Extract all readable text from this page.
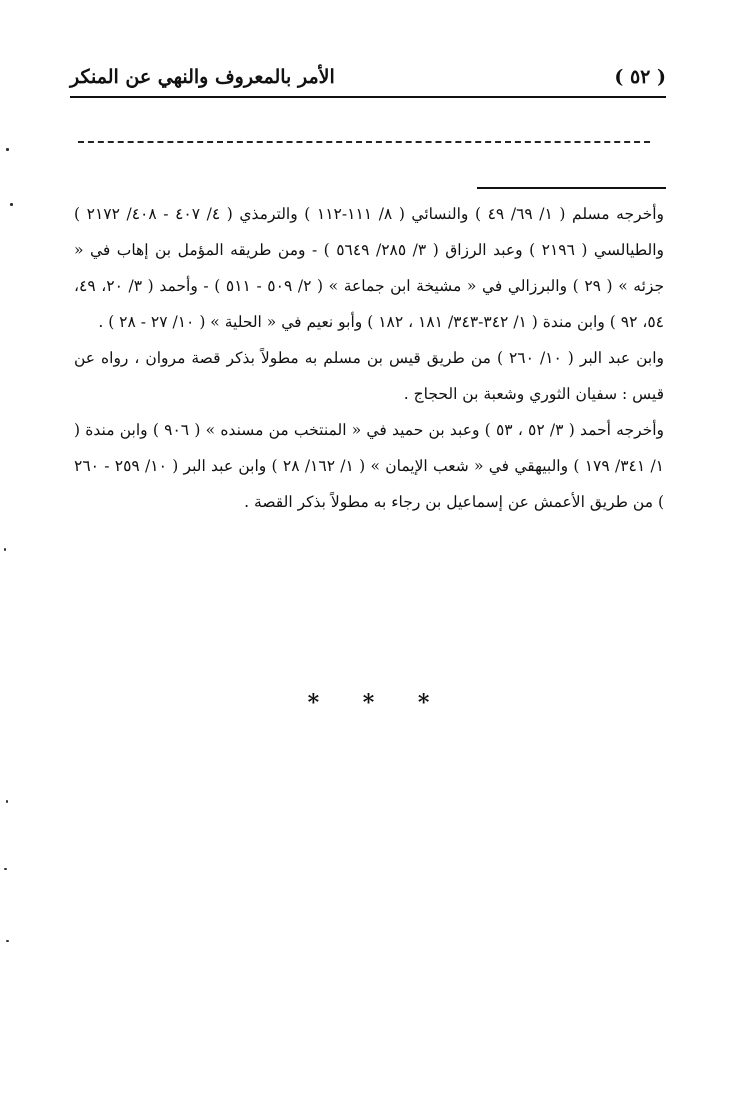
الأمر بالمعروف والنهي عن المنكر	( ٥٢ )

وأخرجه مسلم ( ١/ ٦٩/ ٤٩ ) والنسائي ( ٨/ ١١١-١١٢ ) والترمذي ( ٤/ ٤٠٧ - ٤٠٨/ ٢١٧٢ ) والطيالسي ( ٢١٩٦ ) وعبد الرزاق ( ٣/ ٢٨٥/ ٥٦٤٩ ) - ومن طريقه المؤمل بن إهاب في « جزئه » ( ٢٩ ) والبرزالي في « مشيخة ابن جماعة » ( ٢/ ٥٠٩ - ٥١١ ) - وأحمد ( ٣/ ٢٠، ٤٩، ٥٤، ٩٢ ) وابن مندة ( ١/ ٣٤٢-٣٤٣/ ١٨١ ، ١٨٢ ) وأبو نعيم في « الحلية » ( ١٠/ ٢٧ - ٢٨ ) .

وابن عبد البر ( ١٠/ ٢٦٠ ) من طريق قيس بن مسلم به مطولاً بذكر قصة مروان ، رواه عن قيس : سفيان الثوري وشعبة بن الحجاج .

وأخرجه أحمد ( ٣/ ٥٢ ، ٥٣ ) وعبد بن حميد في « المنتخب من مسنده » ( ٩٠٦ ) وابن مندة ( ١/ ٣٤١/ ١٧٩ ) والبيهقي في « شعب الإيمان » ( ١/ ١٦٢/ ٢٨ ) وابن عبد البر ( ١٠/ ٢٥٩ - ٢٦٠ ) من طريق الأعمش عن إسماعيل بن رجاء به مطولاً بذكر القصة .

* * *
